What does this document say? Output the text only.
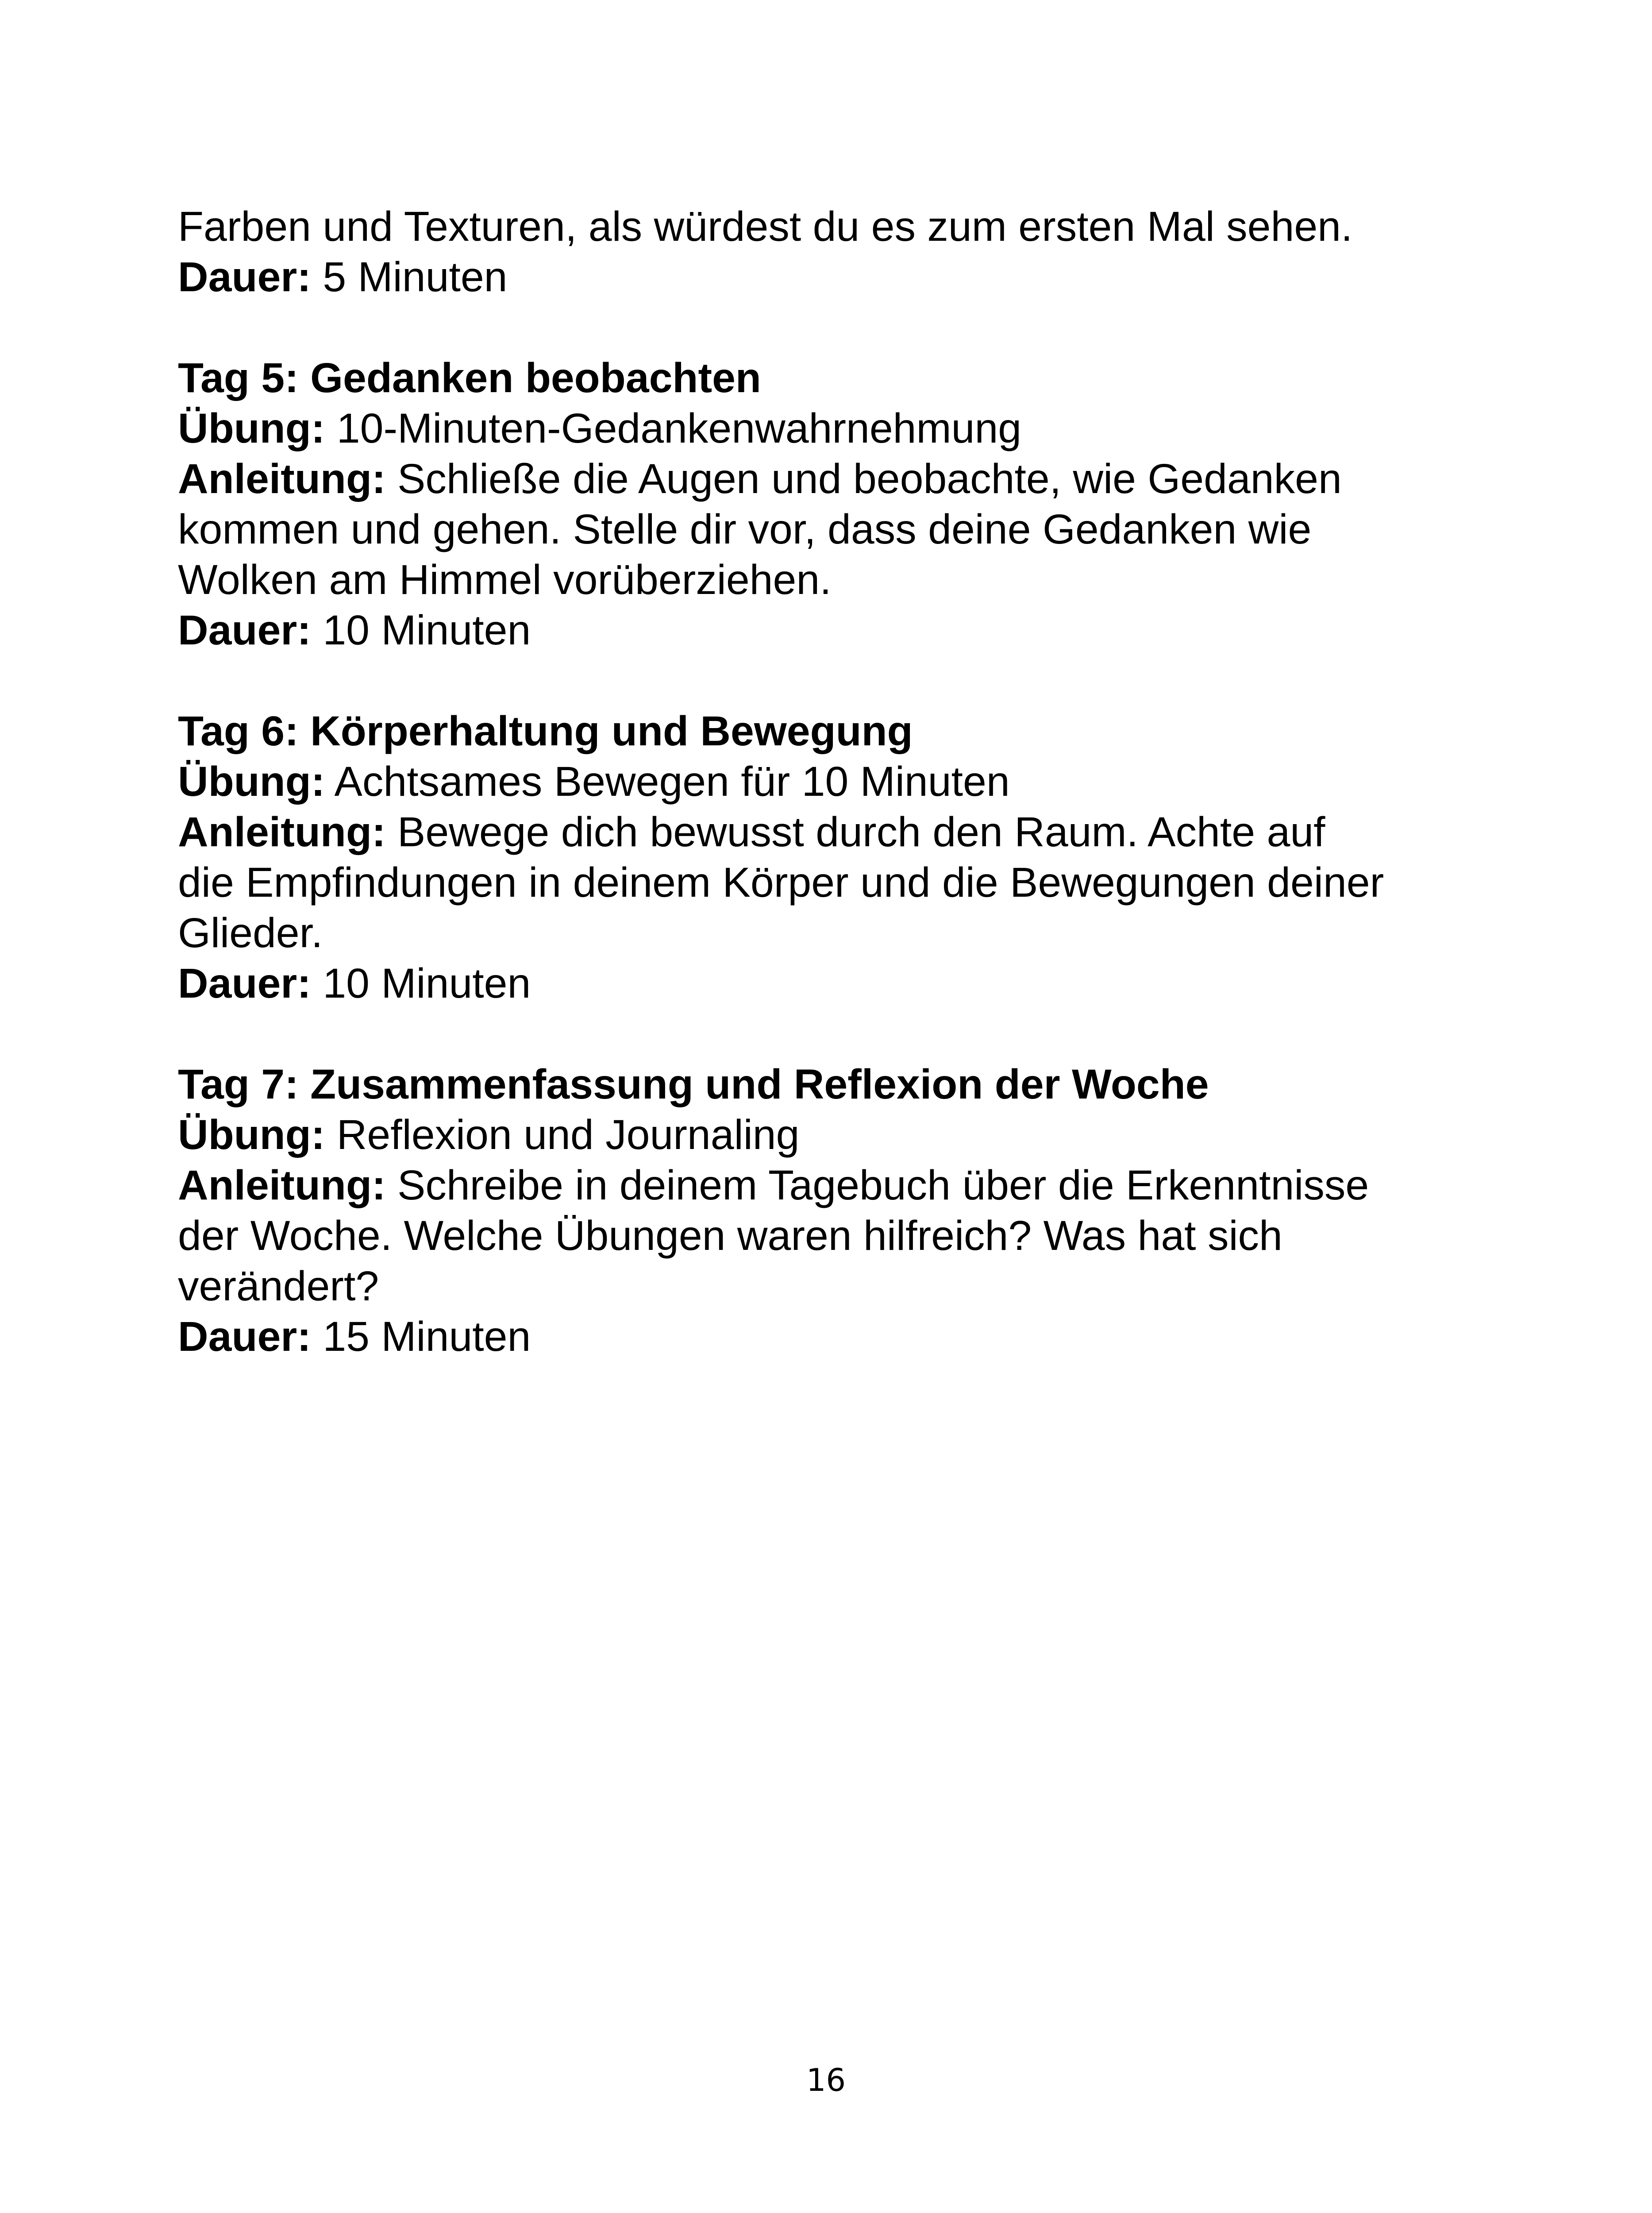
Farben und Texturen, als würdest du es zum ersten Mal sehen.
Dauer: 5 Minuten
Tag 5: Gedanken beobachten
Übung: 10-Minuten-Gedankenwahrnehmung
Anleitung: Schließe die Augen und beobachte, wie Gedanken
kommen und gehen. Stelle dir vor, dass deine Gedanken wie
Wolken am Himmel vorüberziehen.
Dauer: 10 Minuten
Tag 6: Körperhaltung und Bewegung
Übung: Achtsames Bewegen für 10 Minuten
Anleitung: Bewege dich bewusst durch den Raum. Achte auf
die Empfindungen in deinem Körper und die Bewegungen deiner
Glieder.
Dauer: 10 Minuten
Tag 7: Zusammenfassung und Reflexion der Woche
Übung: Reflexion und Journaling
Anleitung: Schreibe in deinem Tagebuch über die Erkenntnisse
der Woche. Welche Übungen waren hilfreich? Was hat sich
verändert?
Dauer: 15 Minuten
16
